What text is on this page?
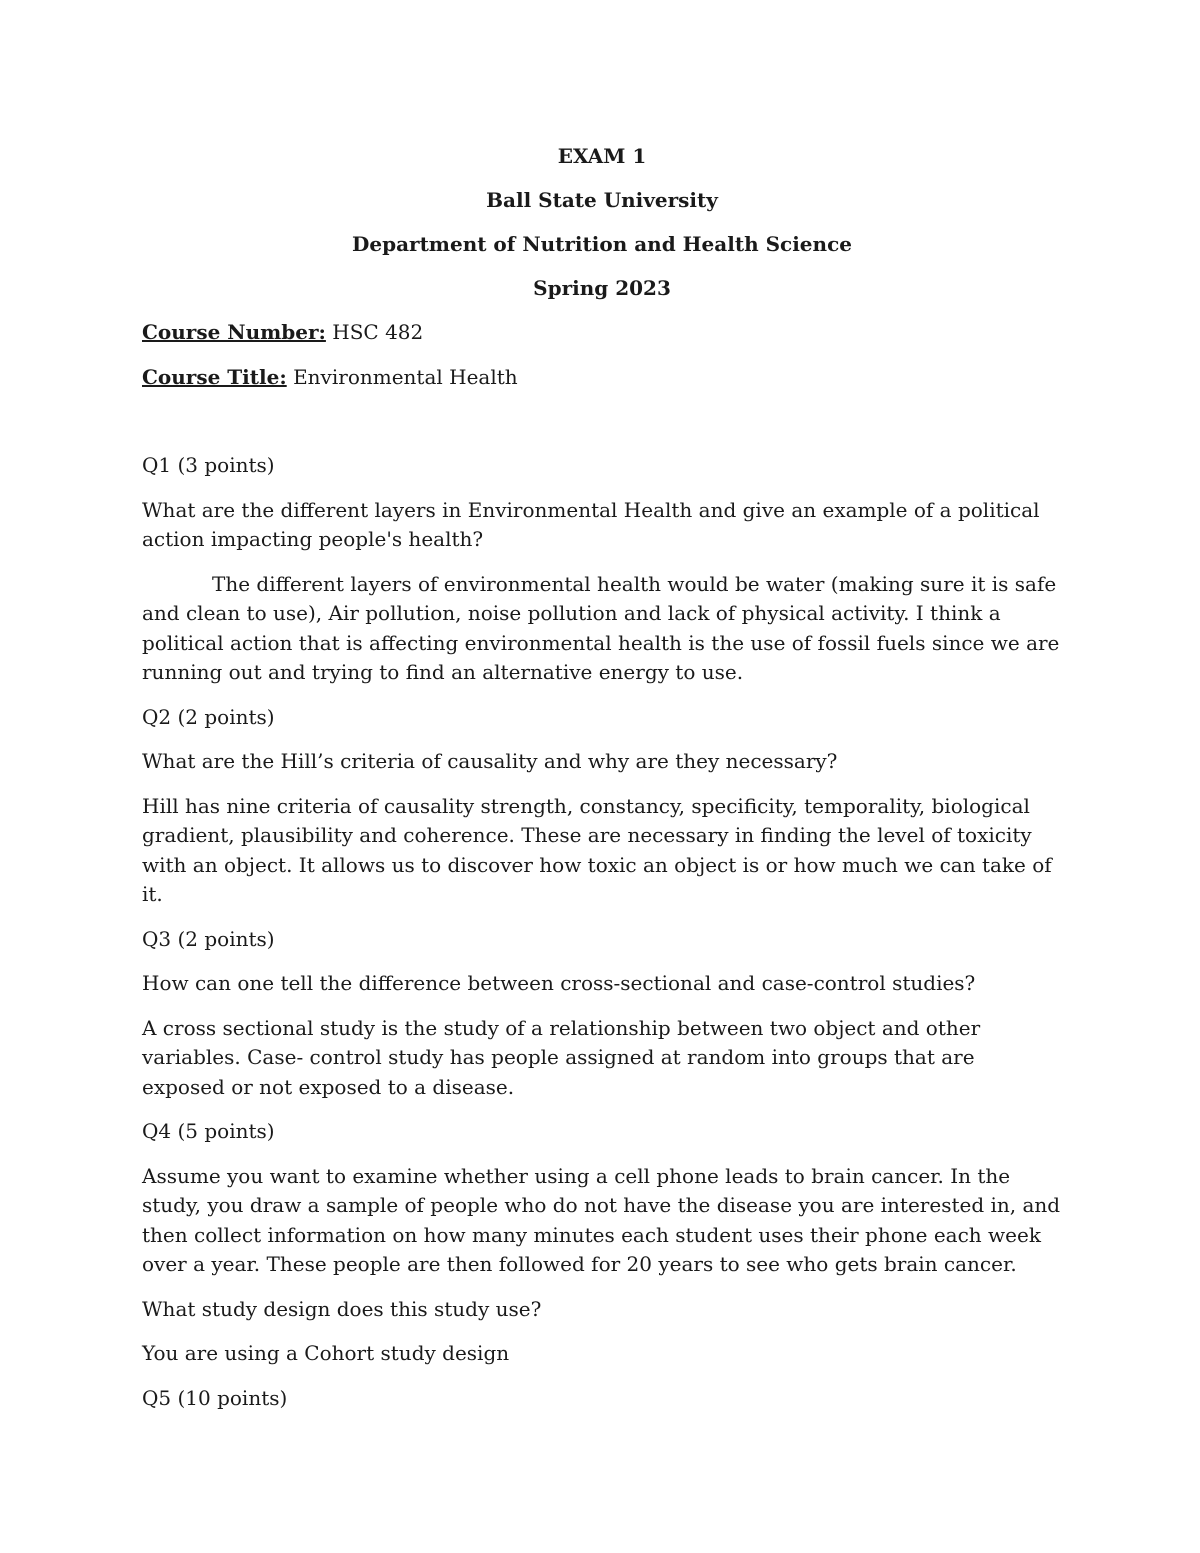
EXAM 1
Ball State University
Department of Nutrition and Health Science
Spring 2023
Course Number: HSC 482
Course Title: Environmental Health

Q1 (3 points)

What are the different layers in Environmental Health and give an example of a political action impacting people's health?

The different layers of environmental health would be water (making sure it is safe and clean to use), Air pollution, noise pollution and lack of physical activity. I think a political action that is affecting environmental health is the use of fossil fuels since we are running out and trying to find an alternative energy to use.

Q2 (2 points)

What are the Hill’s criteria of causality and why are they necessary?

Hill has nine criteria of causality strength, constancy, specificity, temporality, biological gradient, plausibility and coherence. These are necessary in finding the level of toxicity with an object. It allows us to discover how toxic an object is or how much we can take of it.

Q3 (2 points)

How can one tell the difference between cross-sectional and case-control studies?

A cross sectional study is the study of a relationship between two object and other variables. Case- control study has people assigned at random into groups that are exposed or not exposed to a disease.

Q4 (5 points)

Assume you want to examine whether using a cell phone leads to brain cancer. In the study, you draw a sample of people who do not have the disease you are interested in, and then collect information on how many minutes each student uses their phone each week over a year. These people are then followed for 20 years to see who gets brain cancer.

What study design does this study use?

You are using a Cohort study design

Q5 (10 points)
